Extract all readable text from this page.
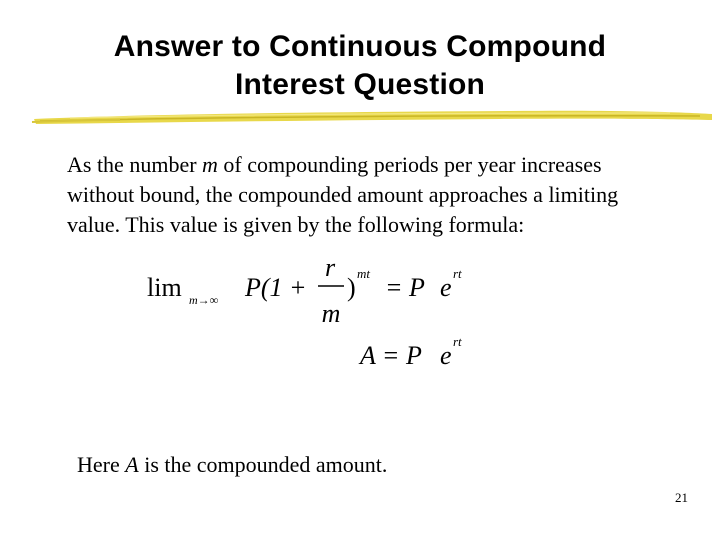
Answer to Continuous Compound
Interest Question
As the number m of compounding periods per year increases
without bound, the compounded amount approaches a limiting
value. This value is given by the following formula:
lim m→∞ P(1 +
r
m
) mt = P e rt
A = P e rt
Here A is the compounded amount.
21
